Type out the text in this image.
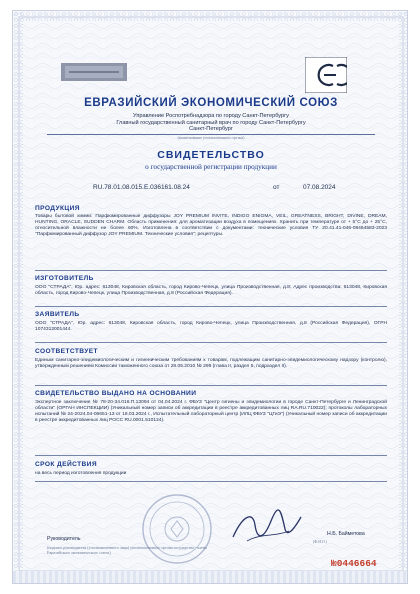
ЕВРАЗИЙСКИЙ ЭКОНОМИЧЕСКИЙ СОЮЗ
Управление Роспотребнадзора по городу Санкт-Петербургу
Главный государственный санитарный врач по городу Санкт-Петербургу
Санкт-Петербург
(наименование уполномоченного органа)
СВИДЕТЕЛЬСТВО
о государственной регистрации продукции
RU.78.01.08.015.E.036161.08.24	от	07.08.2024
ПРОДУКЦИЯ
Товары бытовой химии: Парфюмированные диффузоры JOY PREMIUM INVITE, INDIGO ENIGMA, VEIL, GREATNESS, BRIGHT, DIVINE, DREAM, HUNTING, ORACLE, SUDDEN CHARM. Область применения: для ароматизации воздуха в помещениях. Хранить при температуре от + 5°С до + 25°С, относительной влажности не более 60%. Изготовлена в соответствии с документами: технические условия ТУ 20.41.41-046-08464583-2023 "Парфюмированный диффузор JOY PREMIUM. Технические условия"; рецептуры.
ИЗГОТОВИТЕЛЬ
ООО "СТРАДА", Юр. адрес: 613048, Кировская область, город Кирово-Чепецк, улица Производственная, д.8; Адрес производства: 613048, Кировская область, город Кирово-Чепецк, улица Производственная, д.8 (Российская Федерация).
ЗАЯВИТЕЛЬ
ООО "СТРАДА", Юр. адрес: 613048, Кировская область, город Кирово-Чепецк, улица Производственная, д.8 (Российская Федерация), ОГРН 1074312001444.
СООТВЕТСТВУЕТ
Единым санитарно-эпидемиологическим и гигиеническим требованиям к товарам, подлежащим санитарно-эпидемиологическому надзору (контролю), утвержденным решением Комиссии таможенного союза от 28.05.2010 № 299 (глава II, раздел 5, подраздел II).
СВИДЕТЕЛЬСТВО ВЫДАНО НА ОСНОВАНИИ
Экспертное заключение № 78-20-34.016.П.13094 от 04.04.2024 г. ФБУЗ "Центр гигиены и эпидемиологии в городе Санкт-Петербурге и Ленинградской области" (ОРГАН ИНСПЕКЦИИ) (Уникальный номер записи об аккредитации в реестре аккредитованных лиц RA.RU.710022); протоколы лабораторных испытаний № 24-2024.04-06651-13 от 18.03.2024 г., Испытательный лабораторный центр (ИЛЦ ФБУЗ "ЦГиЭ") (Уникальный номер записи об аккредитации в реестре аккредитованных лиц РОСС RU.0001.510124).
СРОК ДЕЙСТВИЯ
на весь период изготовления продукции
Руководитель
Н.Б. Байметова
(Ф.И.О.)
(подпись руководителя (уполномоченного лица) уполномоченного органа государства - члена Евразийского экономического союза)
№0446664
